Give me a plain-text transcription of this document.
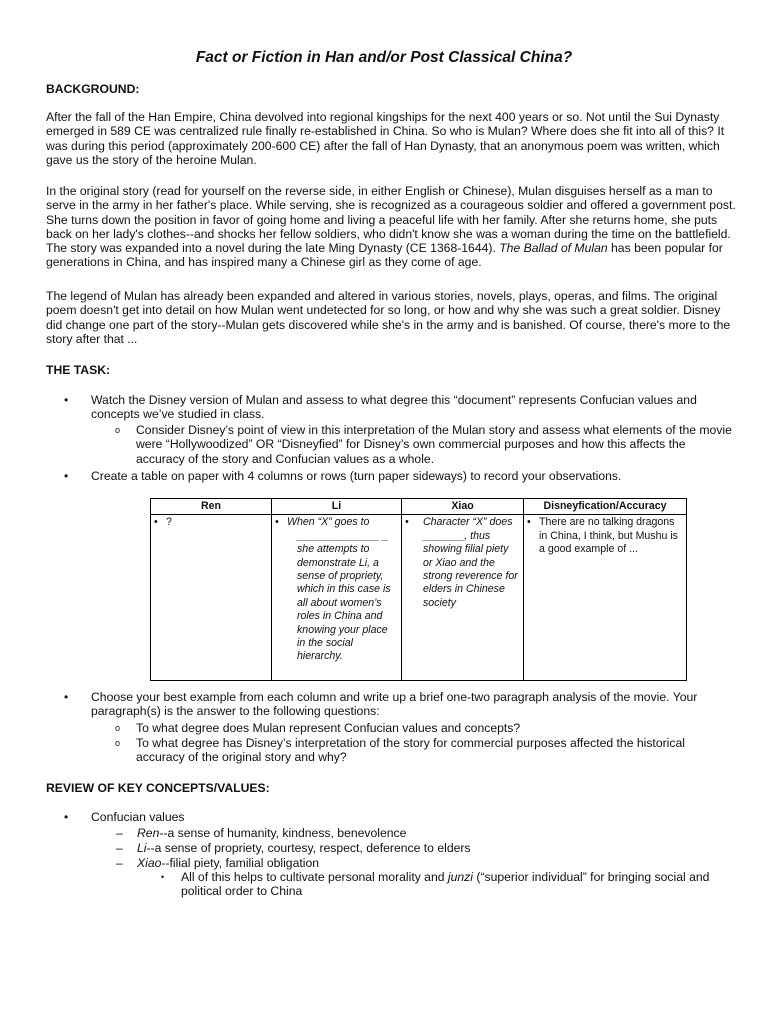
Fact or Fiction in Han and/or Post Classical China?
BACKGROUND:

After the fall of the Han Empire, China devolved into regional kingships for the next 400 years or so. Not until the Sui Dynasty emerged in 589 CE was centralized rule finally re-established in China. So who is Mulan? Where does she fit into all of this? It was during this period (approximately 200-600 CE) after the fall of Han Dynasty, that an anonymous poem was written, which gave us the story of the heroine Mulan.

In the original story (read for yourself on the reverse side, in either English or Chinese), Mulan disguises herself as a man to serve in the army in her father's place. While serving, she is recognized as a courageous soldier and offered a government post. She turns down the position in favor of going home and living a peaceful life with her family. After she returns home, she puts back on her lady's clothes--and shocks her fellow soldiers, who didn't know she was a woman during the time on the battlefield. The story was expanded into a novel during the late Ming Dynasty (CE 1368-1644). The Ballad of Mulan has been popular for generations in China, and has inspired many a Chinese girl as they come of age.

The legend of Mulan has already been expanded and altered in various stories, novels, plays, operas, and films. The original poem doesn't get into detail on how Mulan went undetected for so long, or how and why she was such a great soldier. Disney did change one part of the story--Mulan gets discovered while she's in the army and is banished. Of course, there's more to the story after that ...

THE TASK:
• Watch the Disney version of Mulan and assess to what degree this “document” represents Confucian values and concepts we’ve studied in class.
o Consider Disney’s point of view in this interpretation of the Mulan story and assess what elements of the movie were “Hollywoodized” OR “Disneyfied” for Disney’s own commercial purposes and how this affects the accuracy of the story and Confucian values as a whole.
• Create a table on paper with 4 columns or rows (turn paper sideways) to record your observations.
Ren	Li	Xiao	Disneyfication/Accuracy

• ?	• When “X” goes to ______________ _ she attempts to demonstrate Li, a sense of propriety, which in this case is all about women’s roles in China and knowing your place in the social hierarchy.	• Character “X” does _______, thus showing filial piety or Xiao and the strong reverence for elders in Chinese society	• There are no talking dragons in China, I think, but Mushu is a good example of ...
• Choose your best example from each column and write up a brief one-two paragraph analysis of the movie. Your paragraph(s) is the answer to the following questions:
o To what degree does Mulan represent Confucian values and concepts?
o To what degree has Disney’s interpretation of the story for commercial purposes affected the historical accuracy of the original story and why?
REVIEW OF KEY CONCEPTS/VALUES:
• Confucian values
– Ren--a sense of humanity, kindness, benevolence
– Li--a sense of propriety, courtesy, respect, deference to elders
– Xiao--filial piety, familial obligation
• All of this helps to cultivate personal morality and junzi (“superior individual” for bringing social and political order to China
